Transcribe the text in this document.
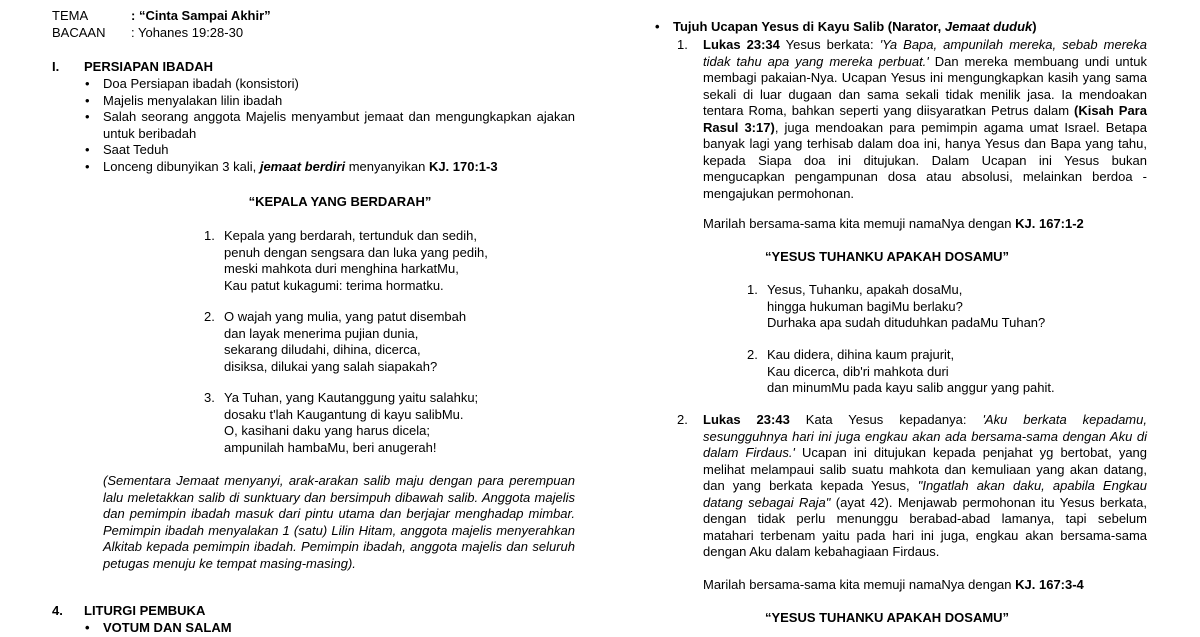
TEMA	: “Cinta Sampai Akhir”
BACAAN : Yohanes 19:28-30
I. PERSIAPAN IBADAH
• Doa Persiapan ibadah (konsistori)
• Majelis menyalakan lilin ibadah
• Salah seorang anggota Majelis menyambut jemaat dan mengungkapkan ajakan untuk beribadah
• Saat Teduh
• Lonceng dibunyikan 3 kali, jemaat berdiri menyanyikan KJ. 170:1-3
“KEPALA YANG BERDARAH”
1. Kepala yang berdarah, tertunduk dan sedih,
penuh dengan sengsara dan luka yang pedih,
meski mahkota duri menghina harkatMu,
Kau patut kukagumi: terima hormatku.
2. O wajah yang mulia, yang patut disembah
dan layak menerima pujian dunia,
sekarang diludahi, dihina, dicerca,
disiksa, dilukai yang salah siapakah?
3. Ya Tuhan, yang Kautanggung yaitu salahku;
dosaku t'lah Kaugantung di kayu salibMu.
O, kasihani daku yang harus dicela;
ampunilah hambaMu, beri anugerah!
(Sementara Jemaat menyanyi, arak-arakan salib maju dengan para perempuan lalu meletakkan salib di sunktuary dan bersimpuh dibawah salib. Anggota majelis dan pemimpin ibadah masuk dari pintu utama dan berjajar menghadap mimbar. Pemimpin ibadah menyalakan 1 (satu) Lilin Hitam, anggota majelis menyerahkan Alkitab kepada pemimpin ibadah. Pemimpin ibadah, anggota majelis dan seluruh petugas menuju ke tempat masing-masing).
4. LITURGI PEMBUKA
• VOTUM DAN SALAM
• Tujuh Ucapan Yesus di Kayu Salib (Narator, Jemaat duduk)
1. Lukas 23:34 Yesus berkata: 'Ya Bapa, ampunilah mereka, sebab mereka tidak tahu apa yang mereka perbuat.' Dan mereka membuang undi untuk membagi pakaian-Nya. Ucapan Yesus ini mengungkapkan kasih yang sama sekali di luar dugaan dan sama sekali tidak menilik jasa. Ia mendoakan tentara Roma, bahkan seperti yang diisyaratkan Petrus dalam (Kisah Para Rasul 3:17), juga mendoakan para pemimpin agama umat Israel. Betapa banyak lagi yang terhisab dalam doa ini, hanya Yesus dan Bapa yang tahu, kepada Siapa doa ini ditujukan. Dalam Ucapan ini Yesus bukan mengucapkan pengampunan dosa atau absolusi, melainkan berdoa - mengajukan permohonan.
Marilah bersama-sama kita memuji namaNya dengan KJ. 167:1-2
“YESUS TUHANKU APAKAH DOSAMU”
1. Yesus, Tuhanku, apakah dosaMu,
hingga hukuman bagiMu berlaku?
Durhaka apa sudah dituduhkan padaMu Tuhan?
2. Kau didera, dihina kaum prajurit,
Kau dicerca, dib'ri mahkota duri
dan minumMu pada kayu salib anggur yang pahit.
2. Lukas 23:43 Kata Yesus kepadanya: 'Aku berkata kepadamu, sesungguhnya hari ini juga engkau akan ada bersama-sama dengan Aku di dalam Firdaus.' Ucapan ini ditujukan kepada penjahat yg bertobat, yang melihat melampaui salib suatu mahkota dan kemuliaan yang akan datang, dan yang berkata kepada Yesus, "Ingatlah akan daku, apabila Engkau datang sebagai Raja" (ayat 42). Menjawab permohonan itu Yesus berkata, dengan tidak perlu menunggu berabad-abad lamanya, tapi sebelum matahari terbenam yaitu pada hari ini juga, engkau akan bersama-sama dengan Aku dalam kebahagiaan Firdaus.
Marilah bersama-sama kita memuji namaNya dengan KJ. 167:3-4
“YESUS TUHANKU APAKAH DOSAMU”
